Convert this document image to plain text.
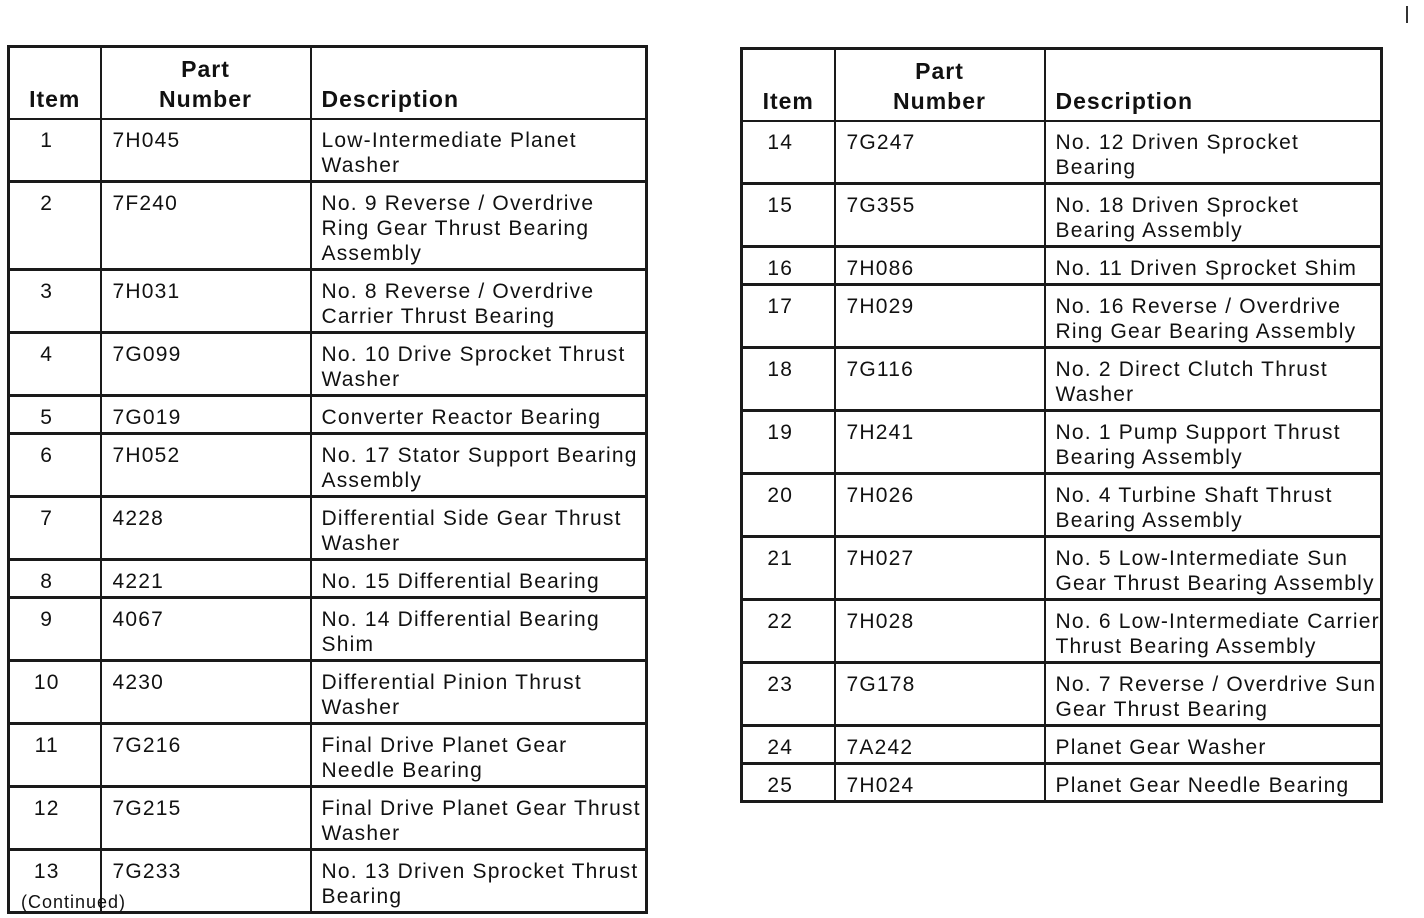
Item	Part Number	Description
1	7H045	Low-Intermediate Planet Washer
2	7F240	No. 9 Reverse / Overdrive Ring Gear Thrust Bearing Assembly
3	7H031	No. 8 Reverse / Overdrive Carrier Thrust Bearing
4	7G099	No. 10 Drive Sprocket Thrust Washer
5	7G019	Converter Reactor Bearing
6	7H052	No. 17 Stator Support Bearing Assembly
7	4228	Differential Side Gear Thrust Washer
8	4221	No. 15 Differential Bearing
9	4067	No. 14 Differential Bearing Shim
10	4230	Differential Pinion Thrust Washer
11	7G216	Final Drive Planet Gear Needle Bearing
12	7G215	Final Drive Planet Gear Thrust Washer
13	7G233	No. 13 Driven Sprocket Thrust Bearing
Item	Part Number	Description
14	7G247	No. 12 Driven Sprocket Bearing
15	7G355	No. 18 Driven Sprocket Bearing Assembly
16	7H086	No. 11 Driven Sprocket Shim
17	7H029	No. 16 Reverse / Overdrive Ring Gear Bearing Assembly
18	7G116	No. 2 Direct Clutch Thrust Washer
19	7H241	No. 1 Pump Support Thrust Bearing Assembly
20	7H026	No. 4 Turbine Shaft Thrust Bearing Assembly
21	7H027	No. 5 Low-Intermediate Sun Gear Thrust Bearing Assembly
22	7H028	No. 6 Low-Intermediate Carrier Thrust Bearing Assembly
23	7G178	No. 7 Reverse / Overdrive Sun Gear Thrust Bearing
24	7A242	Planet Gear Washer
25	7H024	Planet Gear Needle Bearing
(Continued)
